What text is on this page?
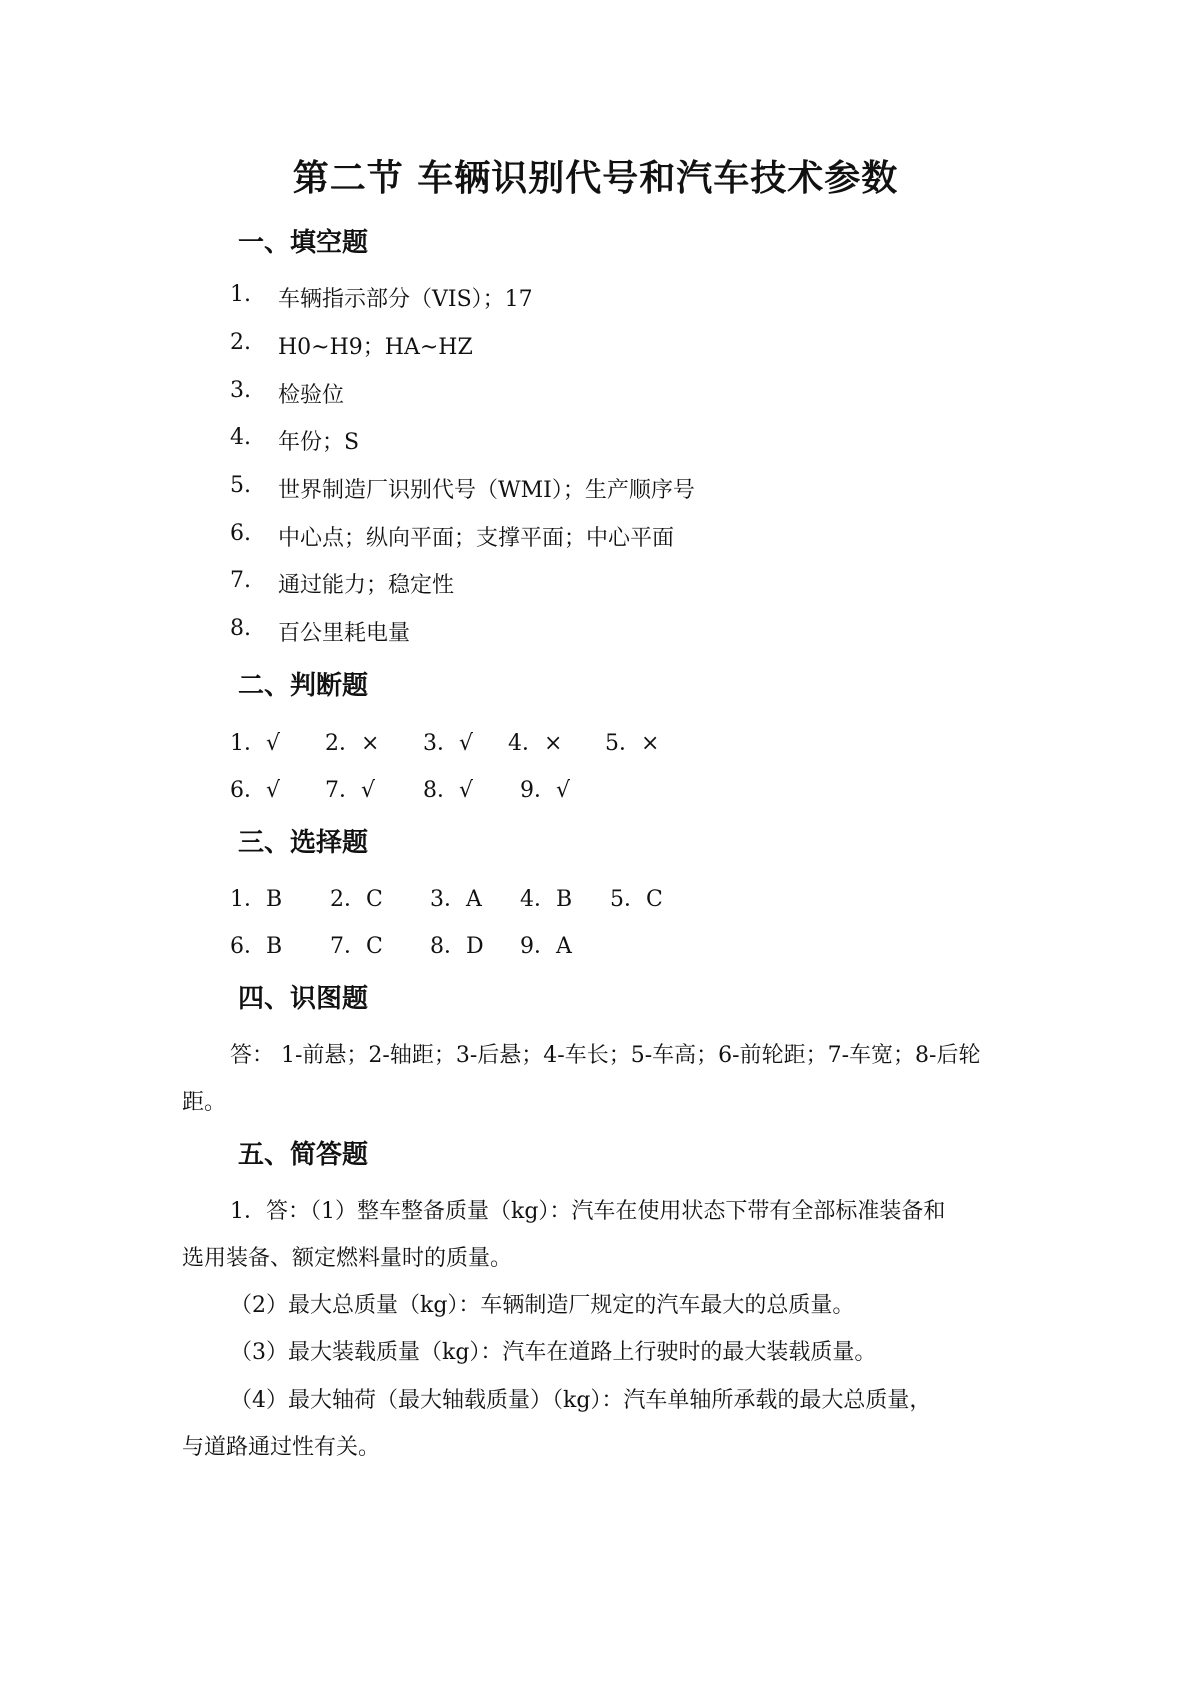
第二节 车辆识别代号和汽车技术参数
一、填空题
1. 车辆指示部分（VIS）；17
2. H0~H9；HA~HZ
3. 检验位
4. 年份；S
5. 世界制造厂识别代号（WMI）；生产顺序号
6. 中心点；纵向平面；支撑平面；中心平面
7. 通过能力；稳定性
8. 百公里耗电量
二、判断题
1．√ 2．× 3．√ 4．× 5．×
6．√ 7．√ 8．√ 9．√
三、选择题
1．B 2．C 3．A 4．B 5．C
6．B 7．C 8．D 9．A
四、识图题
答： 1-前悬；2-轴距；3-后悬；4-车长；5-车高；6-前轮距；7-车宽；8-后轮
距。
五、简答题
1．答：（1）整车整备质量（kg）：汽车在使用状态下带有全部标准装备和
选用装备、额定燃料量时的质量。
（2）最大总质量（kg）：车辆制造厂规定的汽车最大的总质量。
（3）最大装载质量（kg）：汽车在道路上行驶时的最大装载质量。
（4）最大轴荷（最大轴载质量）（kg）：汽车单轴所承载的最大总质量，
与道路通过性有关。
